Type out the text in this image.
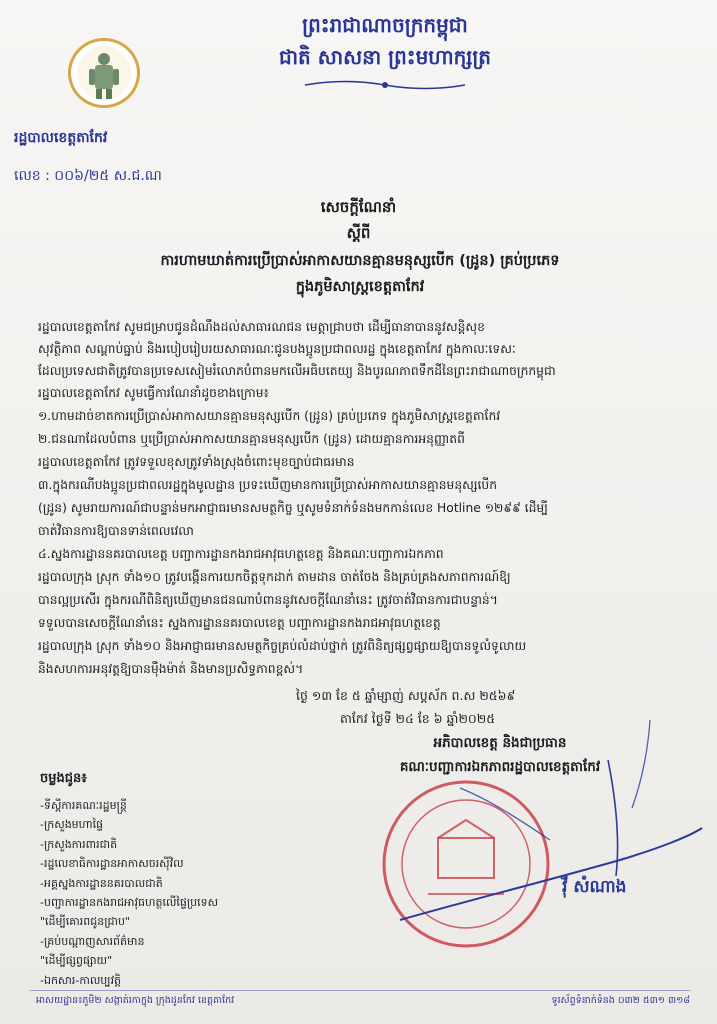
ព្រះរាជាណាចក្រកម្ពុជា
ជាតិ សាសនា ព្រះមហាក្សត្រ
រដ្ឋបាលខេត្តតាកែវ
លេខ : ០០៦/២៥ ស.ជ.ណ
សេចក្តីណែនាំ
ស្តីពី
ការហាមឃាត់ការប្រើប្រាស់អាកាសយានគ្មានមនុស្សបើក (ដ្រូន) គ្រប់ប្រភេទ
ក្នុងភូមិសាស្រ្តខេត្តតាកែវ
រដ្ឋបាលខេត្តតាកែវ សូមជម្រាបជូនដំណឹងដល់សាធារណជន មេត្តាជ្រាបថា ដើម្បីធានាបាននូវសន្តិសុខ
សុវត្ថិភាព សណ្តាប់ធ្នាប់ និងរបៀបរៀបរយសាធារណៈជូនបងប្អូនប្រជាពលរដ្ឋ ក្នុងខេត្តតាកែវ ក្នុងកាលៈទេសៈ
ដែលប្រទេសជាតិត្រូវបានប្រទេសសៀមរំលោភបំពានមកលើអធិបតេយ្យ និងបូរណភាពទឹកដីនៃព្រះរាជាណាចក្រកម្ពុជា
រដ្ឋបាលខេត្តតាកែវ សូមធ្វើការណែនាំដូចខាងក្រោម៖
១.ហាមដាច់ខាតការប្រើប្រាស់អាកាសយានគ្មានមនុស្សបើក (ដ្រូន) គ្រប់ប្រភេទ ក្នុងភូមិសាស្រ្តខេត្តតាកែវ
២.ជនណាដែលបំពាន ឬប្រើប្រាស់អាកាសយានគ្មានមនុស្សបើក (ដ្រូន) ដោយគ្មានការអនុញ្ញាតពី
រដ្ឋបាលខេត្តតាកែវ ត្រូវទទួលខុសត្រូវទាំងស្រុងចំពោះមុខច្បាប់ជាធរមាន
៣.ក្នុងករណីបងប្អូនប្រជាពលរដ្ឋក្នុងមូលដ្ឋាន ប្រទះឃើញមានការប្រើប្រាស់អាកាសយានគ្មានមនុស្សបើក
(ដ្រូន) សូមរាយការណ៍ជាបន្ទាន់មកអាជ្ញាធរមានសមត្ថកិច្ច ឬសូមទំនាក់ទំនងមកកាន់លេខ Hotline ១២៩៩ ដើម្បី
ចាត់វិធានការឱ្យបានទាន់ពេលវេលា
៤.ស្នងការដ្ឋាននគរបាលខេត្ត បញ្ជាការដ្ឋានកងរាជអាវុធហត្ថខេត្ត និងគណៈបញ្ជាការឯកភាព
រដ្ឋបាលក្រុង ស្រុក ទាំង១០ ត្រូវបង្កើនការយកចិត្តទុកដាក់ តាមដាន ចាត់ចែង និងគ្រប់គ្រងសភាពការណ៍ឱ្យ
បានល្អប្រសើរ ក្នុងករណីពិនិត្យឃើញមានជនណាបំពាននូវសេចក្តីណែនាំនេះ ត្រូវចាត់វិធានការជាបន្ទាន់។
ទទួលបានសេចក្តីណែនាំនេះ ស្នងការដ្ឋាននគរបាលខេត្ត បញ្ជាការដ្ឋានកងរាជអាវុធហត្ថខេត្ត
រដ្ឋបាលក្រុង ស្រុក ទាំង១០ និងអាជ្ញាធរមានសមត្ថកិច្ចគ្រប់លំដាប់ថ្នាក់ ត្រូវពិនិត្យផ្សព្វផ្សាយឱ្យបានទូលំទូលាយ
និងសហការអនុវត្តឱ្យបានម៉ឺងម៉ាត់ និងមានប្រសិទ្ធភាពខ្ពស់។
ថ្ងៃ ១៣ ខែ ៥ ឆ្នាំម្សាញ់ សប្តស័ក ព.ស ២៥៦៩
តាកែវ ថ្ងៃទី ២៤ ខែ ៦ ឆ្នាំ២០២៥
អភិបាលខេត្ត និងជាប្រធាន
គណៈបញ្ជាការឯកភាពរដ្ឋបាលខេត្តតាកែវ
វ៉ី សំណាង
ចម្លងជូន៖
-ទីស្តីការគណៈរដ្ឋមន្ត្រី
-ក្រសួងមហាផ្ទៃ
-ក្រសួងការពារជាតិ
-រដ្ឋលេខាធិការដ្ឋានអាកាសចរស៊ីវិល
-អគ្គស្នងការដ្ឋាននគរបាលជាតិ
-បញ្ជាការដ្ឋានកងរាជអាវុធហត្ថលើផ្ទៃប្រទេស
"ដើម្បីគោរពជូនជ្រាប"
-គ្រប់បណ្តាញសារព័ត៌មាន
"ដើម្បីផ្សព្វផ្សាយ"
-ឯកសារ-កាលប្បវត្តិ
អាសយដ្ឋាន៖ភូមិ២ សង្កាត់រកាក្នុង ក្រុងដូនកែវ ខេត្តតាកែវ	ទូរស័ព្ទទំនាក់ទំនង ០៣២ ៥៣១ ៣១៨
